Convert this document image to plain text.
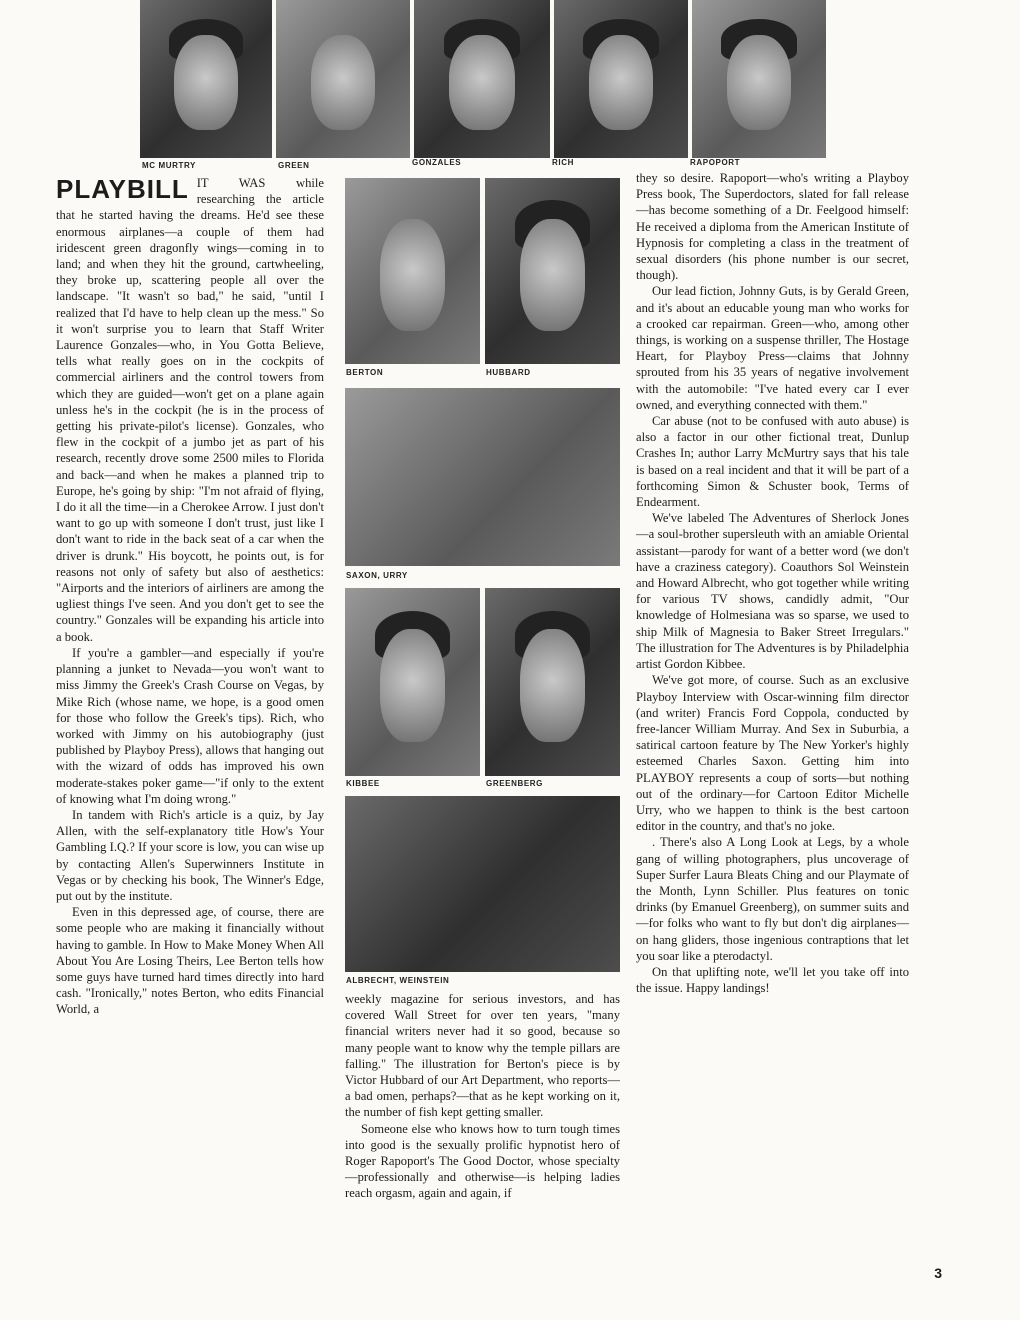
MC MURTRY	GREEN	GONZALES	RICH	RAPOPORT
BERTON	HUBBARD
SAXON, URRY
KIBBEE	GREENBERG
ALBRECHT, WEINSTEIN
PLAYBILL IT WAS while researching the article that he started having the dreams. He'd see these enormous airplanes—a couple of them had iridescent green dragonfly wings—coming in to land; and when they hit the ground, cartwheeling, they broke up, scattering people all over the landscape. "It wasn't so bad," he said, "until I realized that I'd have to help clean up the mess." So it won't surprise you to learn that Staff Writer Laurence Gonzales—who, in You Gotta Believe, tells what really goes on in the cockpits of commercial airliners and the control towers from which they are guided—won't get on a plane again unless he's in the cockpit (he is in the process of getting his private-pilot's license). Gonzales, who flew in the cockpit of a jumbo jet as part of his research, recently drove some 2500 miles to Florida and back—and when he makes a planned trip to Europe, he's going by ship: "I'm not afraid of flying, I do it all the time—in a Cherokee Arrow. I just don't want to go up with someone I don't trust, just like I don't want to ride in the back seat of a car when the driver is drunk." His boycott, he points out, is for reasons not only of safety but also of aesthetics: "Airports and the interiors of airliners are among the ugliest things I've seen. And you don't get to see the country." Gonzales will be expanding his article into a book.

If you're a gambler—and especially if you're planning a junket to Nevada—you won't want to miss Jimmy the Greek's Crash Course on Vegas, by Mike Rich (whose name, we hope, is a good omen for those who follow the Greek's tips). Rich, who worked with Jimmy on his autobiography (just published by Playboy Press), allows that hanging out with the wizard of odds has improved his own moderate-stakes poker game—"if only to the extent of knowing what I'm doing wrong."

In tandem with Rich's article is a quiz, by Jay Allen, with the self-explanatory title How's Your Gambling I.Q.? If your score is low, you can wise up by contacting Allen's Superwinners Institute in Vegas or by checking his book, The Winner's Edge, put out by the institute.

Even in this depressed age, of course, there are some people who are making it financially without having to gamble. In How to Make Money When All About You Are Losing Theirs, Lee Berton tells how some guys have turned hard times directly into hard cash. "Ironically," notes Berton, who edits Financial World, a

weekly magazine for serious investors, and has covered Wall Street for over ten years, "many financial writers never had it so good, because so many people want to know why the temple pillars are falling." The illustration for Berton's piece is by Victor Hubbard of our Art Department, who reports—a bad omen, perhaps?—that as he kept working on it, the number of fish kept getting smaller.

Someone else who knows how to turn tough times into good is the sexually prolific hypnotist hero of Roger Rapoport's The Good Doctor, whose specialty—professionally and otherwise—is helping ladies reach orgasm, again and again, if

they so desire. Rapoport—who's writing a Playboy Press book, The Superdoctors, slated for fall release—has become something of a Dr. Feelgood himself: He received a diploma from the American Institute of Hypnosis for completing a class in the treatment of sexual disorders (his phone number is our secret, though).

Our lead fiction, Johnny Guts, is by Gerald Green, and it's about an educable young man who works for a crooked car repairman. Green—who, among other things, is working on a suspense thriller, The Hostage Heart, for Playboy Press—claims that Johnny sprouted from his 35 years of negative involvement with the automobile: "I've hated every car I ever owned, and everything connected with them."

Car abuse (not to be confused with auto abuse) is also a factor in our other fictional treat, Dunlup Crashes In; author Larry McMurtry says that his tale is based on a real incident and that it will be part of a forthcoming Simon & Schuster book, Terms of Endearment.

We've labeled The Adventures of Sherlock Jones—a soul-brother supersleuth with an amiable Oriental assistant—parody for want of a better word (we don't have a craziness category). Coauthors Sol Weinstein and Howard Albrecht, who got together while writing for various TV shows, candidly admit, "Our knowledge of Holmesiana was so sparse, we used to ship Milk of Magnesia to Baker Street Irregulars." The illustration for The Adventures is by Philadelphia artist Gordon Kibbee.

We've got more, of course. Such as an exclusive Playboy Interview with Oscar-winning film director (and writer) Francis Ford Coppola, conducted by free-lancer William Murray. And Sex in Suburbia, a satirical cartoon feature by The New Yorker's highly esteemed Charles Saxon. Getting him into PLAYBOY represents a coup of sorts—but nothing out of the ordinary—for Cartoon Editor Michelle Urry, who we happen to think is the best cartoon editor in the country, and that's no joke.

. There's also A Long Look at Legs, by a whole gang of willing photographers, plus uncoverage of Super Surfer Laura Bleats Ching and our Playmate of the Month, Lynn Schiller. Plus features on tonic drinks (by Emanuel Greenberg), on summer suits and—for folks who want to fly but don't dig airplanes—on hang gliders, those ingenious contraptions that let you soar like a pterodactyl.

On that uplifting note, we'll let you take off into the issue. Happy landings!

3
